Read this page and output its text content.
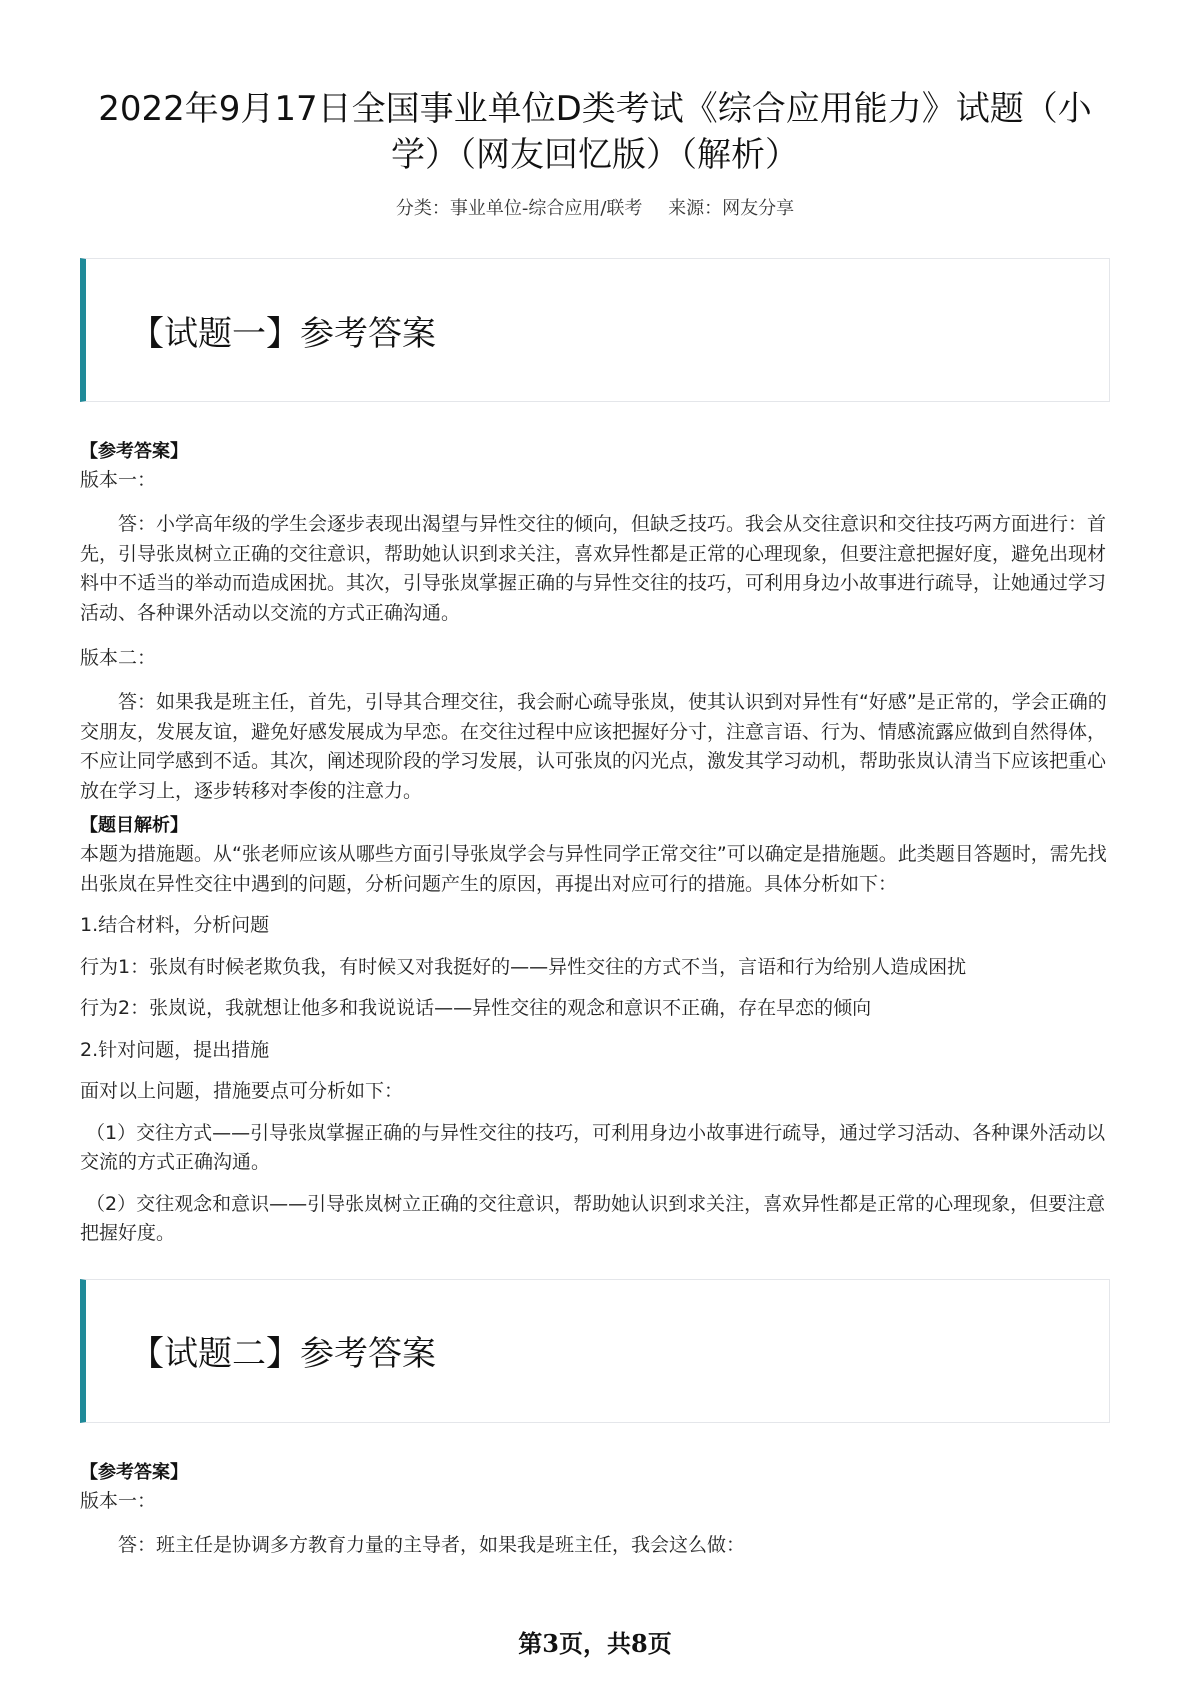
2022年9月17日全国事业单位D类考试《综合应用能力》试题（小学）（网友回忆版）（解析）
分类：事业单位-综合应用/联考 来源：网友分享
【试题一】参考答案
【参考答案】
版本一：

答：小学高年级的学生会逐步表现出渴望与异性交往的倾向，但缺乏技巧。我会从交往意识和交往技巧两方面进行：首先，引导张岚树立正确的交往意识，帮助她认识到求关注，喜欢异性都是正常的心理现象，但要注意把握好度，避免出现材料中不适当的举动而造成困扰。其次，引导张岚掌握正确的与异性交往的技巧，可利用身边小故事进行疏导，让她通过学习活动、各种课外活动以交流的方式正确沟通。

版本二：

答：如果我是班主任，首先，引导其合理交往，我会耐心疏导张岚，使其认识到对异性有“好感”是正常的，学会正确的交朋友，发展友谊，避免好感发展成为早恋。在交往过程中应该把握好分寸，注意言语、行为、情感流露应做到自然得体，不应让同学感到不适。其次，阐述现阶段的学习发展，认可张岚的闪光点，激发其学习动机，帮助张岚认清当下应该把重心放在学习上，逐步转移对李俊的注意力。

【题目解析】

本题为措施题。从“张老师应该从哪些方面引导张岚学会与异性同学正常交往”可以确定是措施题。此类题目答题时，需先找出张岚在异性交往中遇到的问题，分析问题产生的原因，再提出对应可行的措施。具体分析如下：

1.结合材料，分析问题

行为1：张岚有时候老欺负我，有时候又对我挺好的——异性交往的方式不当，言语和行为给别人造成困扰

行为2：张岚说，我就想让他多和我说说话——异性交往的观念和意识不正确，存在早恋的倾向

2.针对问题，提出措施

面对以上问题，措施要点可分析如下：

（1）交往方式——引导张岚掌握正确的与异性交往的技巧，可利用身边小故事进行疏导，通过学习活动、各种课外活动以交流的方式正确沟通。

（2）交往观念和意识——引导张岚树立正确的交往意识，帮助她认识到求关注，喜欢异性都是正常的心理现象，但要注意把握好度。

【试题二】参考答案
【参考答案】
版本一：

答：班主任是协调多方教育力量的主导者，如果我是班主任，我会这么做：

第3页，共8页
